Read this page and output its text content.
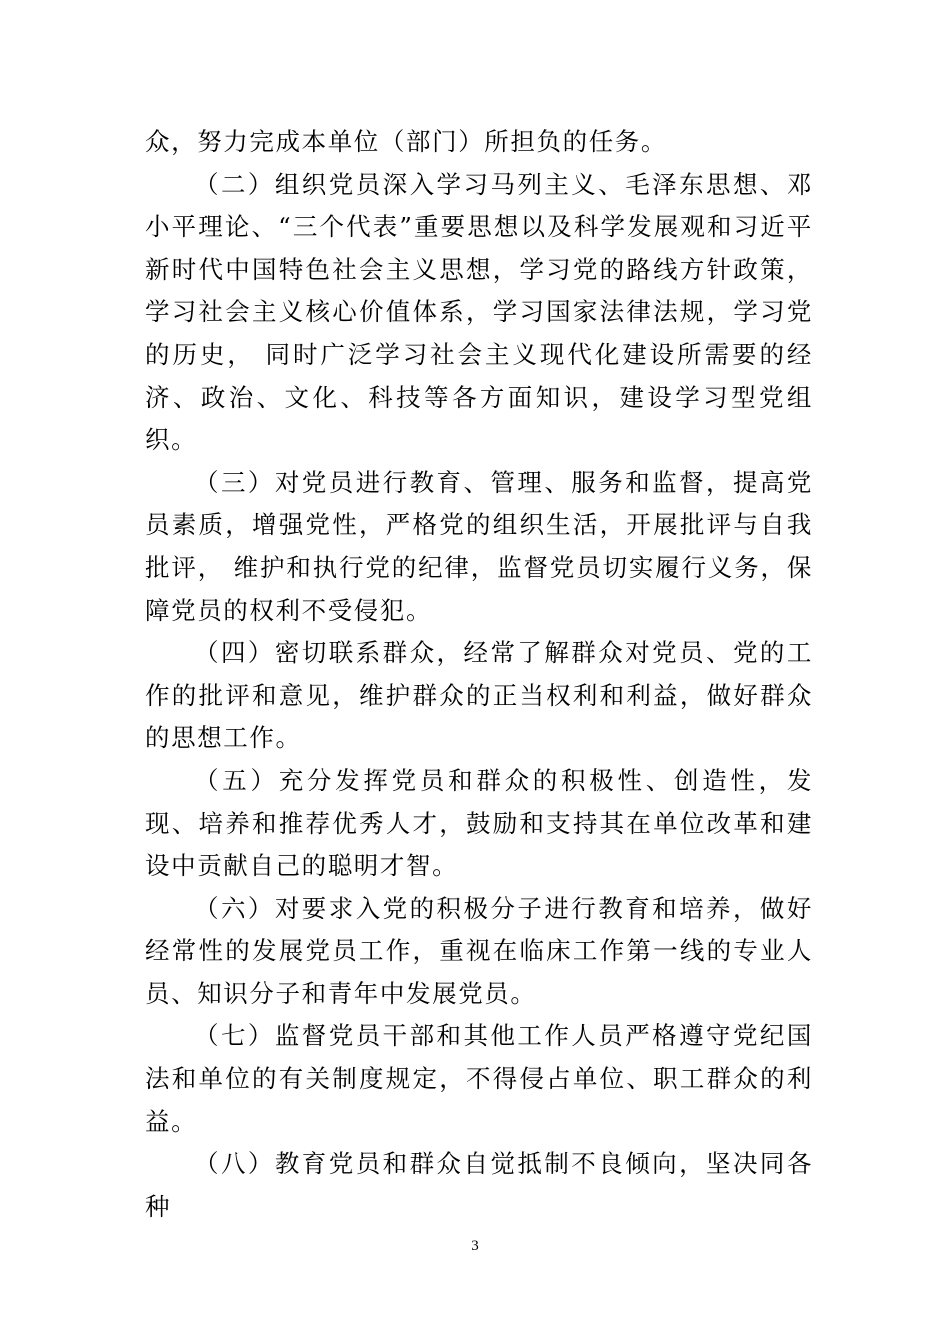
众，努力完成本单位（部门）所担负的任务。

（二）组织党员深入学习马列主义、毛泽东思想、邓小平理论、“三个代表”重要思想以及科学发展观和习近平新时代中国特色社会主义思想，学习党的路线方针政策，学习社会主义核心价值体系，学习国家法律法规，学习党的历史， 同时广泛学习社会主义现代化建设所需要的经济、政治、文化、科技等各方面知识，建设学习型党组织。

（三）对党员进行教育、管理、服务和监督，提高党员素质，增强党性，严格党的组织生活，开展批评与自我批评， 维护和执行党的纪律，监督党员切实履行义务，保障党员的权利不受侵犯。

（四）密切联系群众，经常了解群众对党员、党的工作的批评和意见，维护群众的正当权利和利益，做好群众的思想工作。

（五）充分发挥党员和群众的积极性、创造性，发现、培养和推荐优秀人才，鼓励和支持其在单位改革和建设中贡献自己的聪明才智。

（六）对要求入党的积极分子进行教育和培养，做好经常性的发展党员工作，重视在临床工作第一线的专业人员、知识分子和青年中发展党员。

（七）监督党员干部和其他工作人员严格遵守党纪国法和单位的有关制度规定，不得侵占单位、职工群众的利益。

（八）教育党员和群众自觉抵制不良倾向，坚决同各种

3
